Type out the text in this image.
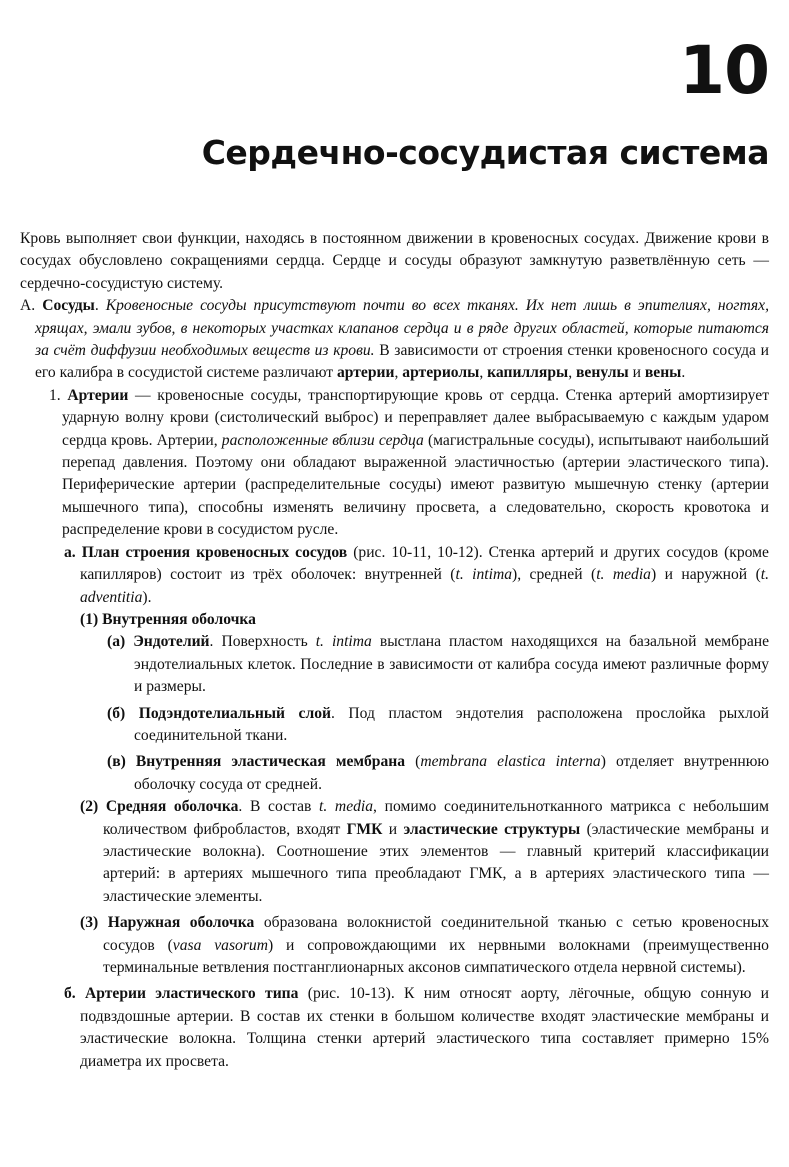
10
Сердечно-сосудистая система

Кровь выполняет свои функции, находясь в постоянном движении в кровеносных сосудах. Движение крови в сосудах обусловлено сокращениями сердца. Сердце и сосуды образуют замкнутую разветвлённую сеть — сердечно-сосудистую систему.

А. Сосуды. Кровеносные сосуды присутствуют почти во всех тканях. Их нет лишь в эпителиях, ногтях, хрящах, эмали зубов, в некоторых участках клапанов сердца и в ряде других областей, которые питаются за счёт диффузии необходимых веществ из крови. В зависимости от строения стенки кровеносного сосуда и его калибра в сосудистой системе различают артерии, артериолы, капилляры, венулы и вены.

1. Артерии — кровеносные сосуды, транспортирующие кровь от сердца. Стенка артерий амортизирует ударную волну крови (систолический выброс) и переправляет далее выбрасываемую с каждым ударом сердца кровь. Артерии, расположенные вблизи сердца (магистральные сосуды), испытывают наибольший перепад давления. Поэтому они обладают выраженной эластичностью (артерии эластического типа). Периферические артерии (распределительные сосуды) имеют развитую мышечную стенку (артерии мышечного типа), способны изменять величину просвета, а следовательно, скорость кровотока и распределение крови в сосудистом русле.

а. План строения кровеносных сосудов (рис. 10-11, 10-12). Стенка артерий и других сосудов (кроме капилляров) состоит из трёх оболочек: внутренней (t. intima), средней (t. media) и наружной (t. adventitia).

(1) Внутренняя оболочка

(а) Эндотелий. Поверхность t. intima выстлана пластом находящихся на базальной мембране эндотелиальных клеток. Последние в зависимости от калибра сосуда имеют различные форму и размеры.

(б) Подэндотелиальный слой. Под пластом эндотелия расположена прослойка рыхлой соединительной ткани.

(в) Внутренняя эластическая мембрана (membrana elastica interna) отделяет внутреннюю оболочку сосуда от средней.

(2) Средняя оболочка. В состав t. media, помимо соединительнотканного матрикса с небольшим количеством фибробластов, входят ГМК и эластические структуры (эластические мембраны и эластические волокна). Соотношение этих элементов — главный критерий классификации артерий: в артериях мышечного типа преобладают ГМК, а в артериях эластического типа — эластические элементы.

(3) Наружная оболочка образована волокнистой соединительной тканью с сетью кровеносных сосудов (vasa vasorum) и сопровождающими их нервными волокнами (преимущественно терминальные ветвления постганглионарных аксонов симпатического отдела нервной системы).

б. Артерии эластического типа (рис. 10-13). К ним относят аорту, лёгочные, общую сонную и подвздошные артерии. В состав их стенки в большом количестве входят эластические мембраны и эластические волокна. Толщина стенки артерий эластического типа составляет примерно 15% диаметра их просвета.
